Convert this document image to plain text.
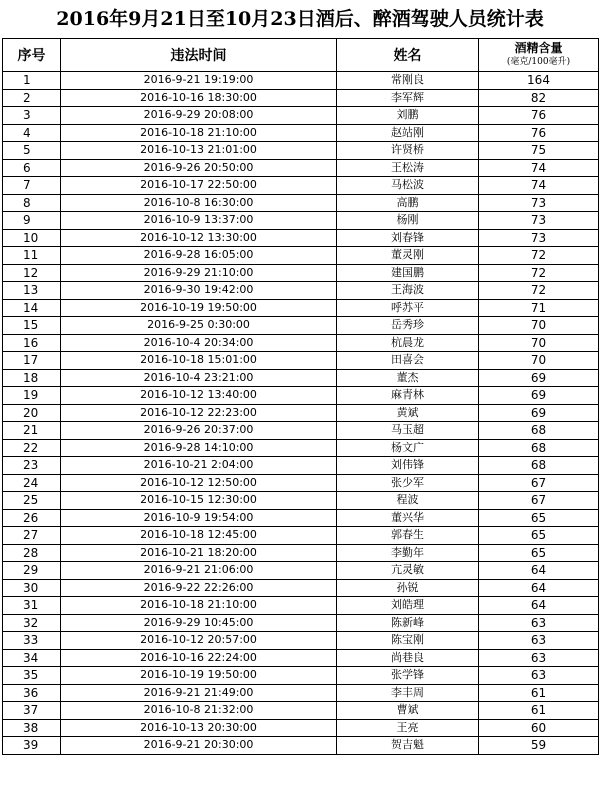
2016年9月21日至10月23日酒后、醉酒驾驶人员统计表
序号	违法时间	姓名	酒精含量
(毫克/100毫升)

1	2016-9-21 19:19:00	常刚良	164
2	2016-10-16 18:30:00	李军辉	82
3	2016-9-29 20:08:00	刘鹏	76
4	2016-10-18 21:10:00	赵站刚	76
5	2016-10-13 21:01:00	许贤桥	75
6	2016-9-26 20:50:00	王松涛	74
7	2016-10-17 22:50:00	马松波	74
8	2016-10-8 16:30:00	高鹏	73
9	2016-10-9 13:37:00	杨刚	73
10	2016-10-12 13:30:00	刘春锋	73
11	2016-9-28 16:05:00	董灵刚	72
12	2016-9-29 21:10:00	建国鹏	72
13	2016-9-30 19:42:00	王海波	72
14	2016-10-19 19:50:00	呼苏平	71
15	2016-9-25 0:30:00	岳秀珍	70
16	2016-10-4 20:34:00	杭晨龙	70
17	2016-10-18 15:01:00	田喜会	70
18	2016-10-4 23:21:00	董杰	69
19	2016-10-12 13:40:00	麻青林	69
20	2016-10-12 22:23:00	黄斌	69
21	2016-9-26 20:37:00	马玉超	68
22	2016-9-28 14:10:00	杨文广	68
23	2016-10-21 2:04:00	刘伟锋	68
24	2016-10-12 12:50:00	张少军	67
25	2016-10-15 12:30:00	程波	67
26	2016-10-9 19:54:00	董兴华	65
27	2016-10-18 12:45:00	郭春生	65
28	2016-10-21 18:20:00	李勤年	65
29	2016-9-21 21:06:00	亢灵敏	64
30	2016-9-22 22:26:00	孙锐	64
31	2016-10-18 21:10:00	刘皓理	64
32	2016-9-29 10:45:00	陈新峰	63
33	2016-10-12 20:57:00	陈宝刚	63
34	2016-10-16 22:24:00	尚巷良	63
35	2016-10-19 19:50:00	张学锋	63
36	2016-9-21 21:49:00	李丰周	61
37	2016-10-8 21:32:00	曹斌	61
38	2016-10-13 20:30:00	王亮	60
39	2016-9-21 20:30:00	贺吉魁	59
